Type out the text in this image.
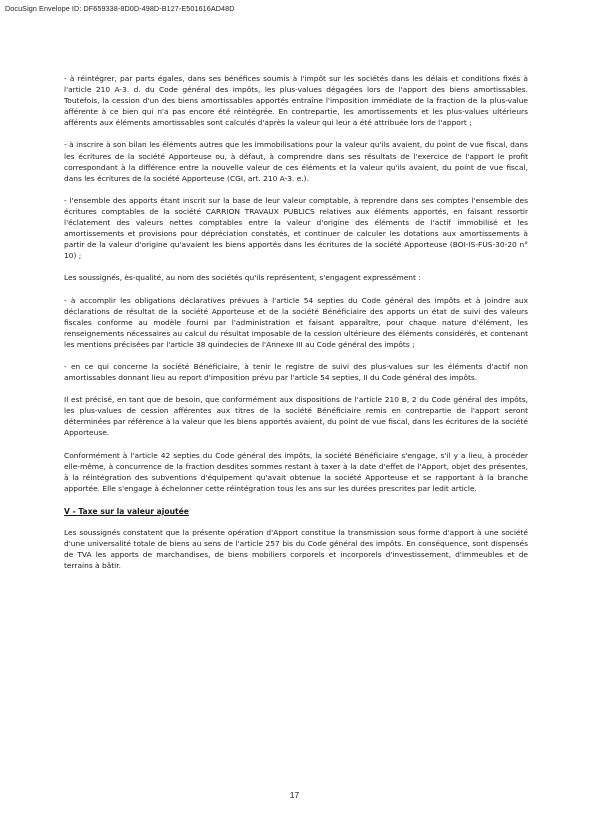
DocuSign Envelope ID: DF659338-8D0D-498D-B127-E501616AD48D

- à réintégrer, par parts égales, dans ses bénéfices soumis à l'impôt sur les sociétés dans les délais et conditions fixés à l'article 210 A-3. d. du Code général des impôts, les plus-values dégagées lors de l'apport des biens amortissables. Toutefois, la cession d'un des biens amortissables apportés entraîne l'imposition immédiate de la fraction de la plus-value afférente à ce bien qui n'a pas encore été réintégrée. En contrepartie, les amortissements et les plus-values ultérieurs afférents aux éléments amortissables sont calculés d'après la valeur qui leur a été attribuée lors de l'apport ;

- à inscrire à son bilan les éléments autres que les immobilisations pour la valeur qu'ils avaient, du point de vue fiscal, dans les écritures de la société Apporteuse ou, à défaut, à comprendre dans ses résultats de l'exercice de l'apport le profit correspondant à la différence entre la nouvelle valeur de ces éléments et la valeur qu'ils avaient, du point de vue fiscal, dans les écritures de la société Apporteuse (CGI, art. 210 A-3. e.).

- l'ensemble des apports étant inscrit sur la base de leur valeur comptable, à reprendre dans ses comptes l'ensemble des écritures comptables de la société CARRION TRAVAUX PUBLICS relatives aux éléments apportés, en faisant ressortir l'éclatement des valeurs nettes comptables entre la valeur d'origine des éléments de l'actif immobilisé et les amortissements et provisions pour dépréciation constatés, et continuer de calculer les dotations aux amortissements à partir de la valeur d'origine qu'avaient les biens apportés dans les écritures de la société Apporteuse (BOI-IS-FUS-30-20 n° 10) ;

Les soussignés, ès-qualité, au nom des sociétés qu'ils représentent, s'engagent expressément :

- à accomplir les obligations déclaratives prévues à l'article 54 septies du Code général des impôts et à joindre aux déclarations de résultat de la société Apporteuse et de la société Bénéficiaire des apports un état de suivi des valeurs fiscales conforme au modèle fourni par l'administration et faisant apparaître, pour chaque nature d'élément, les renseignements nécessaires au calcul du résultat imposable de la cession ultérieure des éléments considérés, et contenant les mentions précisées par l'article 38 quindecies de l'Annexe III au Code général des impôts ;

- en ce qui concerne la société Bénéficiaire, à tenir le registre de suivi des plus-values sur les éléments d'actif non amortissables donnant lieu au report d'imposition prévu par l'article 54 septies, II du Code général des impôts.

Il est précisé, en tant que de besoin, que conformément aux dispositions de l'article 210 B, 2 du Code général des impôts, les plus-values de cession afférentes aux titres de la société Bénéficiaire remis en contrepartie de l'apport seront déterminées par référence à la valeur que les biens apportés avaient, du point de vue fiscal, dans les écritures de la société Apporteuse.

Conformément à l'article 42 septies du Code général des impôts, la société Bénéficiaire s'engage, s'il y a lieu, à procéder elle-même, à concurrence de la fraction desdites sommes restant à taxer à la date d'effet de l'Apport, objet des présentes, à la réintégration des subventions d'équipement qu'avait obtenue la société Apporteuse et se rapportant à la branche apportée. Elle s'engage à échelonner cette réintégration tous les ans sur les durées prescrites par ledit article.

V - Taxe sur la valeur ajoutée

Les soussignés constatent que la présente opération d'Apport constitue la transmission sous forme d'apport à une société d'une universalité totale de biens au sens de l'article 257 bis du Code général des impôts. En conséquence, sont dispensés de TVA les apports de marchandises, de biens mobiliers corporels et incorporels d'investissement, d'immeubles et de terrains à bâtir.

17
